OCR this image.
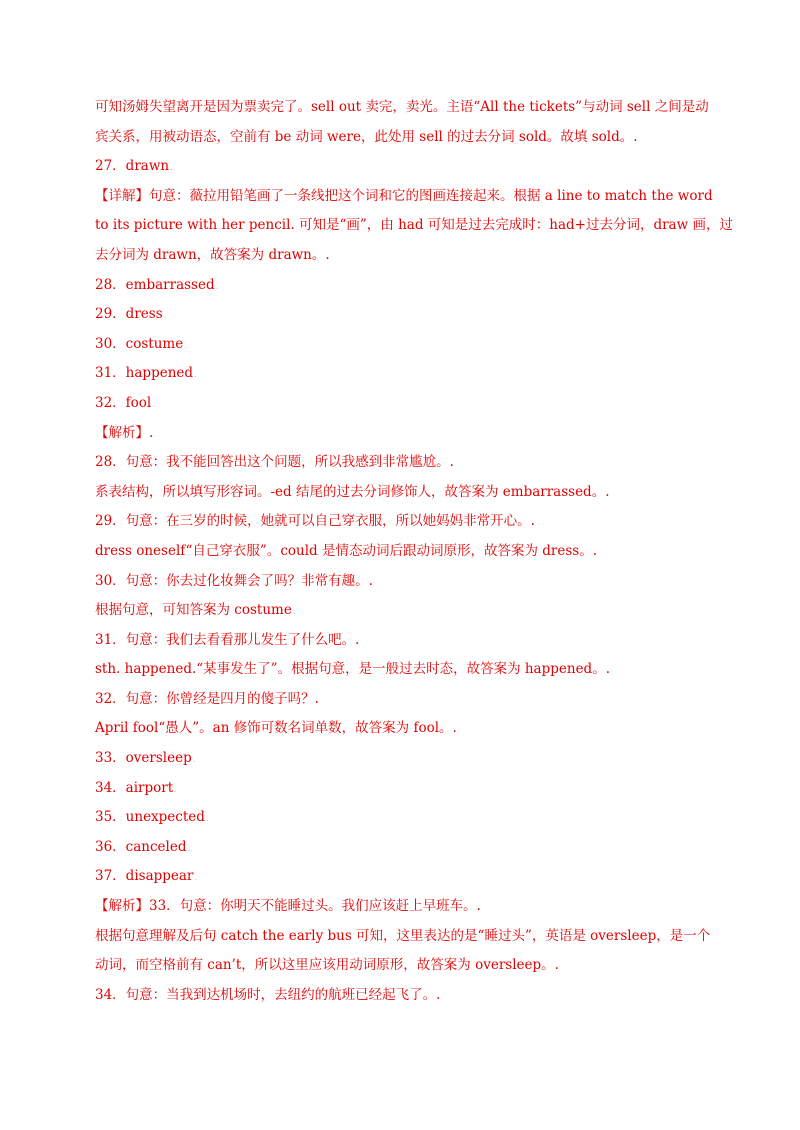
可知汤姆失望离开是因为票卖完了。sell out 卖完，卖光。主语“All the tickets”与动词 sell 之间是动
宾关系，用被动语态，空前有 be 动词 were，此处用 sell 的过去分词 sold。故填 sold。.
27．drawn.
【详解】句意：薇拉用铅笔画了一条线把这个词和它的图画连接起来。根据 a line to match the word
to its picture with her pencil. 可知是“画”，由 had 可知是过去完成时：had+过去分词，draw 画，过
去分词为 drawn，故答案为 drawn。.
28．embarrassed.
29．dress.
30．costume.
31．happened.
32．fool.
【解析】.
28．句意：我不能回答出这个问题，所以我感到非常尴尬。.
系表结构，所以填写形容词。-ed 结尾的过去分词修饰人，故答案为 embarrassed。.
29．句意：在三岁的时候，她就可以自己穿衣服，所以她妈妈非常开心。.
dress oneself“自己穿衣服”。could 是情态动词后跟动词原形，故答案为 dress。.
30．句意：你去过化妆舞会了吗？非常有趣。.
根据句意，可知答案为 costume.
31．句意：我们去看看那儿发生了什么吧。.
sth. happened.“某事发生了”。根据句意，是一般过去时态，故答案为 happened。.
32．句意：你曾经是四月的傻子吗？.
April fool“愚人”。an 修饰可数名词单数，故答案为 fool。.
33．oversleep.
34．airport.
35．unexpected.
36．canceled.
37．disappear.
【解析】33．句意：你明天不能睡过头。我们应该赶上早班车。.
根据句意理解及后句 catch the early bus 可知，这里表达的是“睡过头”，英语是 oversleep，是一个
动词，而空格前有 can’t，所以这里应该用动词原形，故答案为 oversleep。.
34．句意：当我到达机场时，去纽约的航班已经起飞了。.
